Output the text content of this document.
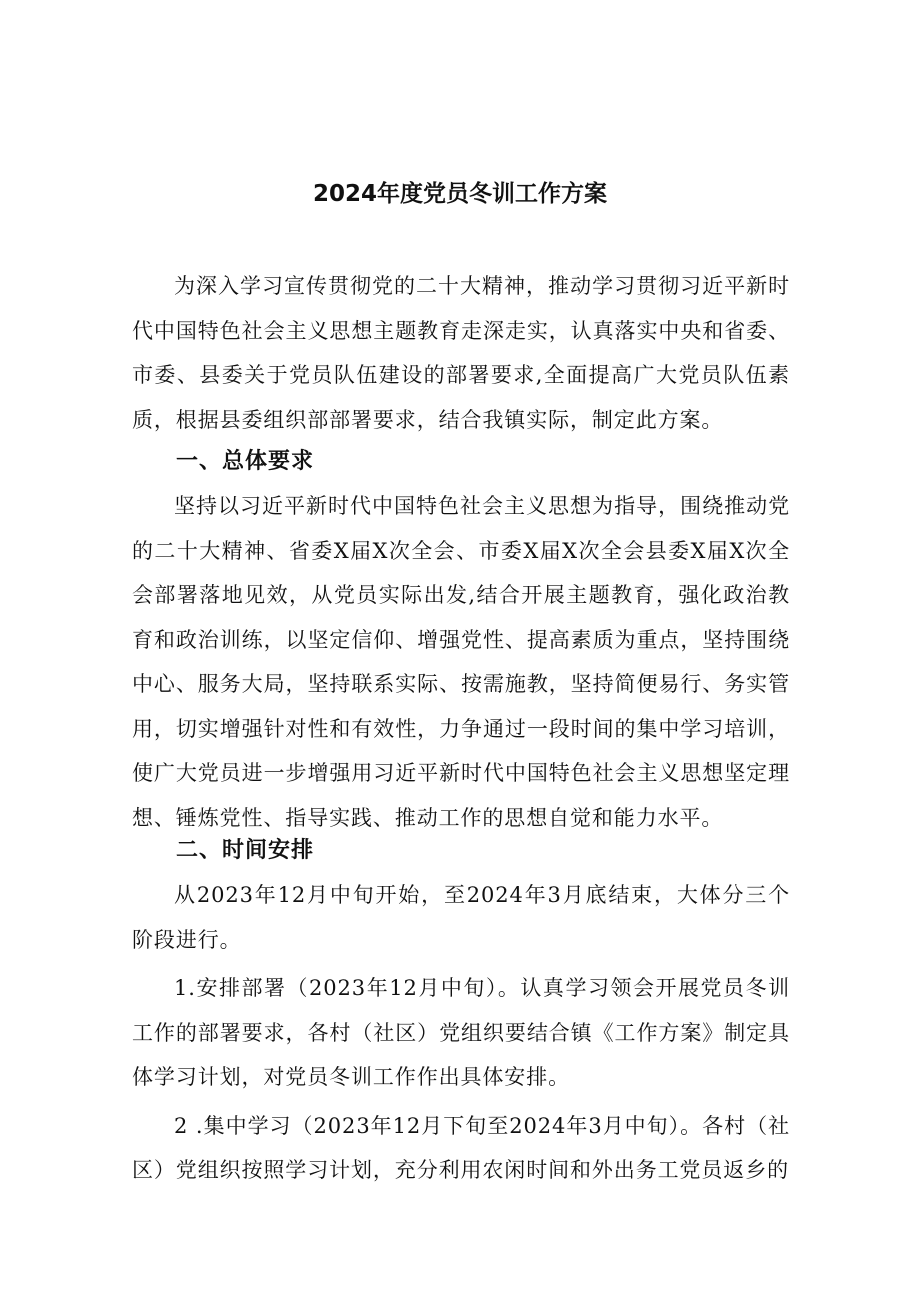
2024年度党员冬训工作方案

为深入学习宣传贯彻党的二十大精神，推动学习贯彻习近平新时代中国特色社会主义思想主题教育走深走实，认真落实中央和省委、市委、县委关于党员队伍建设的部署要求,全面提高广大党员队伍素质，根据县委组织部部署要求，结合我镇实际，制定此方案。

一、总体要求

坚持以习近平新时代中国特色社会主义思想为指导，围绕推动党的二十大精神、省委X届X次全会、市委X届X次全会县委X届X次全会部署落地见效，从党员实际出发,结合开展主题教育，强化政治教育和政治训练，以坚定信仰、增强党性、提高素质为重点，坚持围绕中心、服务大局，坚持联系实际、按需施教，坚持简便易行、务实管用，切实增强针对性和有效性，力争通过一段时间的集中学习培训，使广大党员进一步增强用习近平新时代中国特色社会主义思想坚定理想、锤炼党性、指导实践、推动工作的思想自觉和能力水平。

二、时间安排

从2023年12月中旬开始，至2024年3月底结束，大体分三个阶段进行。

1.安排部署（2023年12月中旬）。认真学习领会开展党员冬训工作的部署要求，各村（社区）党组织要结合镇《工作方案》制定具体学习计划，对党员冬训工作作出具体安排。

2 .集中学习（2023年12月下旬至2024年3月中旬）。各村（社区）党组织按照学习计划，充分利用农闲时间和外出务工党员返乡的
